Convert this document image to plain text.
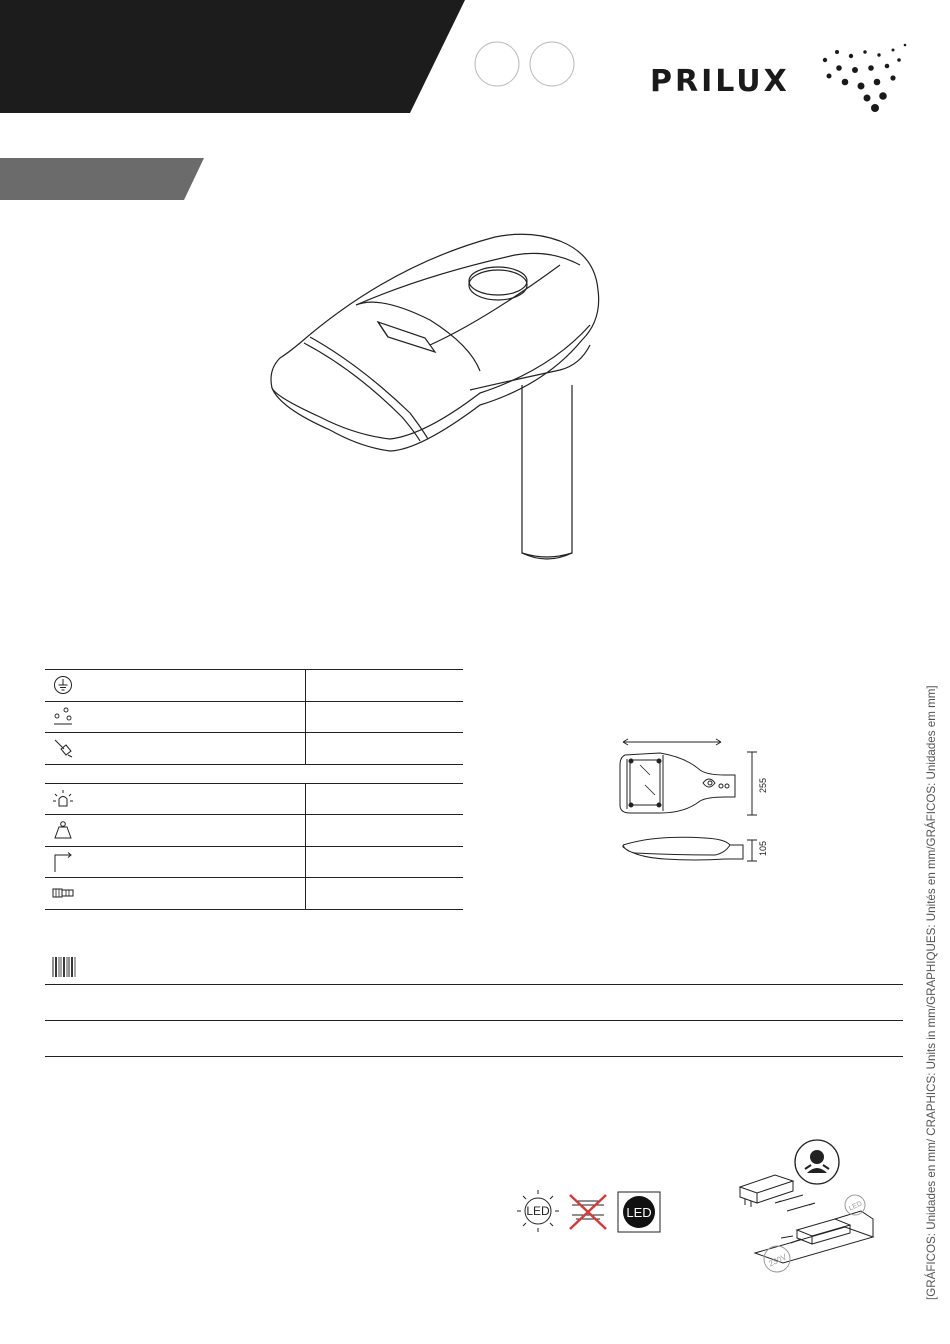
PRILUX
255
105
LED	LED
230V
LED	[GRÁFICOS: Unidades en mm/ CRAPHICS: Units in mm/GRAPHIQUES: Unités en mm/GRÁFICOS: Unidades em mm]
